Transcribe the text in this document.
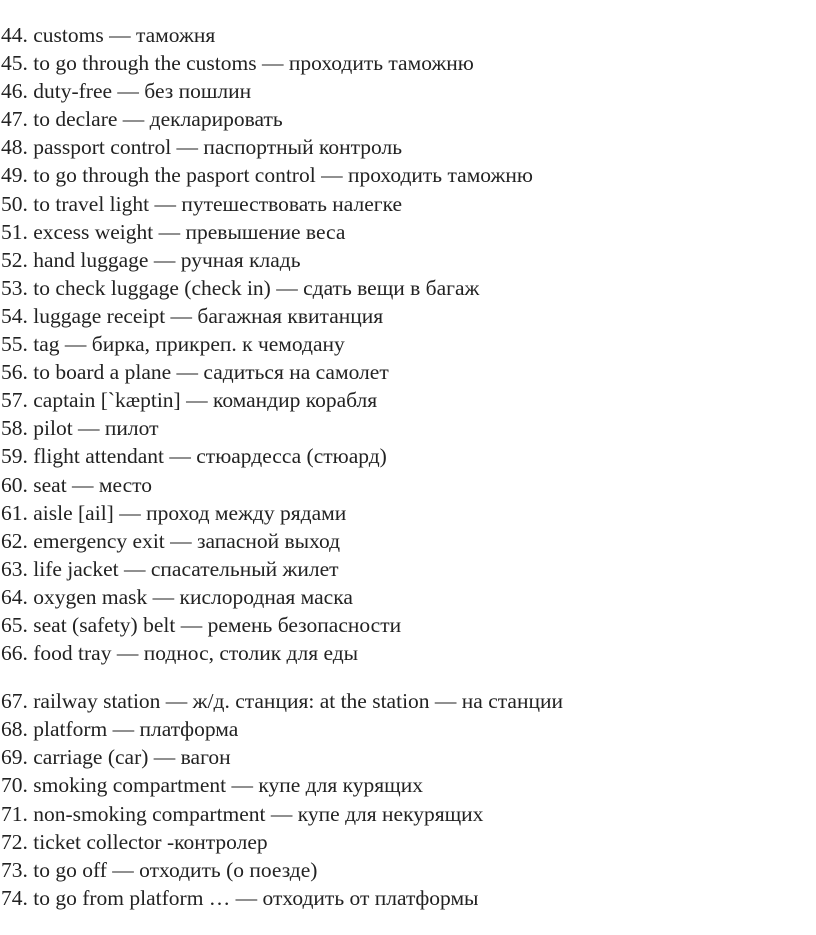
44. customs — таможня
45. to go through the customs — проходить таможню
46. duty-free — без пошлин
47. to declare — декларировать
48. passport control — паспортный контроль
49. to go through the pasport control — проходить таможню
50. to travel light — путешествовать налегке
51. excess weight — превышение веса
52. hand luggage — ручная кладь
53. to check luggage (check in) — сдать вещи в багаж
54. luggage receipt — багажная квитанция
55. tag — бирка, прикреп. к чемодану
56. to board a plane — садиться на самолет
57. captain [`kæptin] — командир корабля
58. pilot — пилот
59. flight attendant — стюардесса (стюард)
60. seat — место
61. aisle [ail] — проход между рядами
62. emergency exit — запасной выход
63. life jacket — спасательный жилет
64. oxygen mask — кислородная маска
65. seat (safety) belt — ремень безопасности
66. food tray — поднос, столик для еды
67. railway station — ж/д. станция: at the station — на станции
68. platform — платформа
69. carriage (car) — вагон
70. smoking compartment — купе для курящих
71. non-smoking compartment — купе для некурящих
72. ticket collector -контролер
73. to go off — отходить (о поезде)
74. to go from platform … — отходить от платформы
